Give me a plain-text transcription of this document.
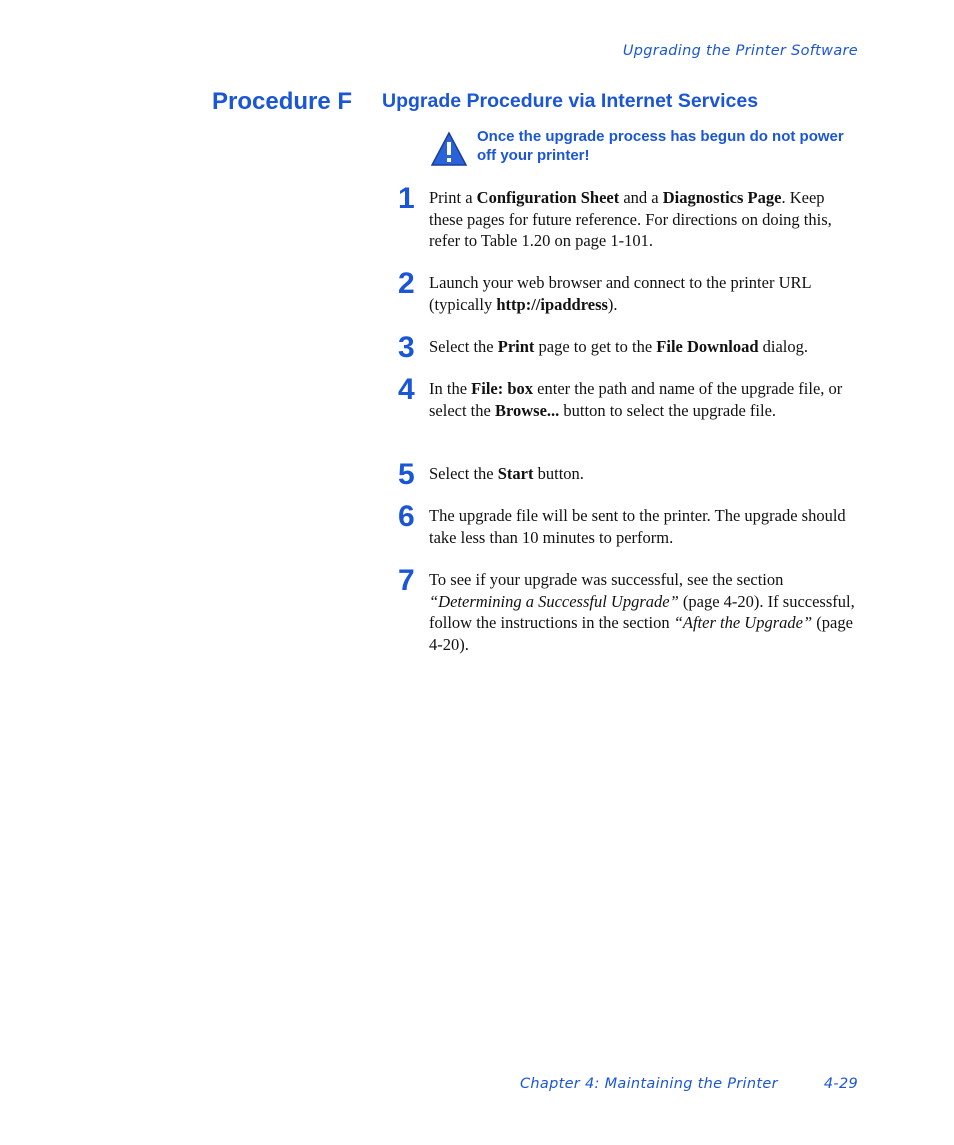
Upgrading the Printer Software
Procedure F Upgrade Procedure via Internet Services
Once the upgrade process has begun do not power
off your printer!
1 Print a Configuration Sheet and a Diagnostics Page. Keep these pages for future reference. For directions on doing this, refer to Table 1.20 on page 1-101.
2 Launch your web browser and connect to the printer URL (typically http://ipaddress).
3 Select the Print page to get to the File Download dialog.
4 In the File: box enter the path and name of the upgrade file, or select the Browse... button to select the upgrade file.
5 Select the Start button.
6 The upgrade file will be sent to the printer. The upgrade should take less than 10 minutes to perform.
7 To see if your upgrade was successful, see the section “Determining a Successful Upgrade” (page 4-20). If successful, follow the instructions in the section “After the Upgrade” (page 4-20).
Chapter 4: Maintaining the Printer	4-29
